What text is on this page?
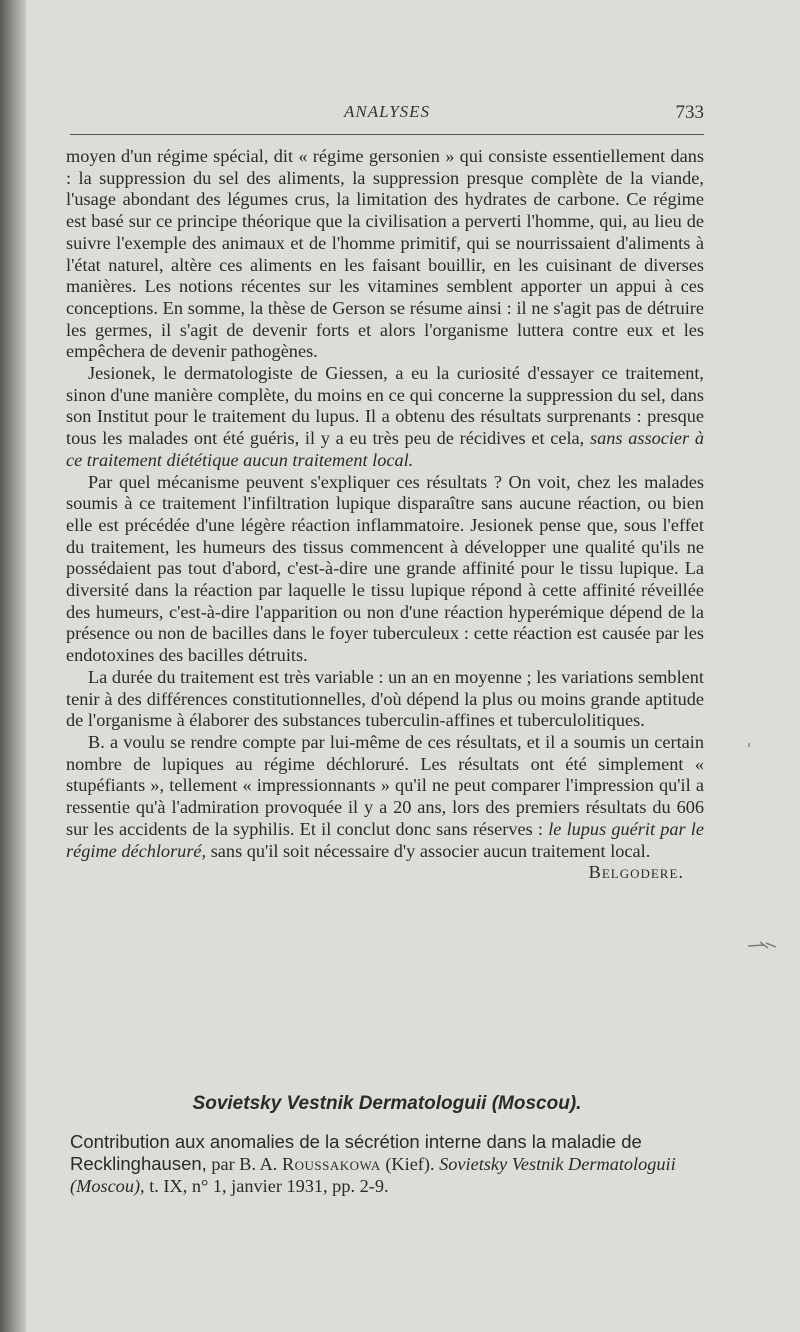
ANALYSES	733

moyen d'un régime spécial, dit « régime gersonien » qui consiste essentiellement dans : la suppression du sel des aliments, la suppression presque complète de la viande, l'usage abondant des légumes crus, la limitation des hydrates de carbone. Ce régime est basé sur ce principe théorique que la civilisation a perverti l'homme, qui, au lieu de suivre l'exemple des animaux et de l'homme primitif, qui se nourrissaient d'aliments à l'état naturel, altère ces aliments en les faisant bouillir, en les cuisinant de diverses manières. Les notions récentes sur les vitamines semblent apporter un appui à ces conceptions. En somme, la thèse de Gerson se résume ainsi : il ne s'agit pas de détruire les germes, il s'agit de devenir forts et alors l'organisme luttera contre eux et les empêchera de devenir pathogènes.

Jesionek, le dermatologiste de Giessen, a eu la curiosité d'essayer ce traitement, sinon d'une manière complète, du moins en ce qui concerne la suppression du sel, dans son Institut pour le traitement du lupus. Il a obtenu des résultats surprenants : presque tous les malades ont été guéris, il y a eu très peu de récidives et cela, sans associer à ce traitement diététique aucun traitement local.

Par quel mécanisme peuvent s'expliquer ces résultats ? On voit, chez les malades soumis à ce traitement l'infiltration lupique disparaître sans aucune réaction, ou bien elle est précédée d'une légère réaction inflammatoire. Jesionek pense que, sous l'effet du traitement, les humeurs des tissus commencent à développer une qualité qu'ils ne possédaient pas tout d'abord, c'est-à-dire une grande affinité pour le tissu lupique. La diversité dans la réaction par laquelle le tissu lupique répond à cette affinité réveillée des humeurs, c'est-à-dire l'apparition ou non d'une réaction hyperémique dépend de la présence ou non de bacilles dans le foyer tuberculeux : cette réaction est causée par les endotoxines des bacilles détruits.

La durée du traitement est très variable : un an en moyenne ; les variations semblent tenir à des différences constitutionnelles, d'où dépend la plus ou moins grande aptitude de l'organisme à élaborer des substances tuberculin-affines et tuberculolitiques.

B. a voulu se rendre compte par lui-même de ces résultats, et il a soumis un certain nombre de lupiques au régime déchloruré. Les résultats ont été simplement « stupéfiants », tellement « impressionnants » qu'il ne peut comparer l'impression qu'il a ressentie qu'à l'admiration provoquée il y a 20 ans, lors des premiers résultats du 606 sur les accidents de la syphilis. Et il conclut donc sans réserves : le lupus guérit par le régime déchloruré, sans qu'il soit nécessaire d'y associer aucun traitement local.
Belgodere.

Sovietsky Vestnik Dermatologuii (Moscou).
Contribution aux anomalies de la sécrétion interne dans la maladie de Recklinghausen, par B. A. Roussakowa (Kief). Sovietsky Vestnik Dermatologuii (Moscou), t. IX, n° 1, janvier 1931, pp. 2-9.
